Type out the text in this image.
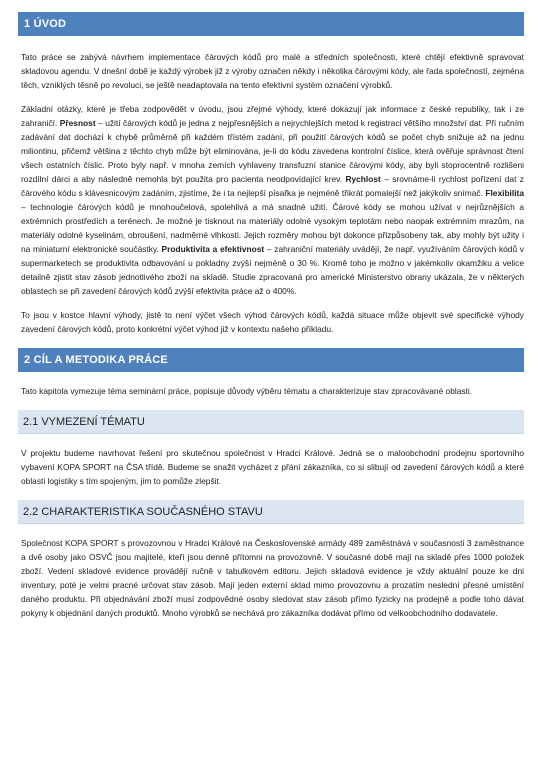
1 ÚVOD

Tato práce se zabývá návrhem implementace čárových kódů pro malé a středních společnosti, které chtějí efektivně spravovat skladovou agendu. V dnešní době je každý výrobek již z výroby označen někdy i několika čárovými kódy, ale řada společností, zejména těch, vzniklých těsně po revoluci, se ještě neadaptovala na tento efektivní systém označení výrobků.

Základní otázky, které je třeba zodpovědět v úvodu, jsou zřejmé výhody, které dokazují jak informace z české republiky, tak i ze zahraničí. Přesnost – užití čárových kódů je jedna z nejpřesnějších a nejrychlejších metod k registraci většího množství dat. Při ručním zadávání dat dochází k chybě průměrně při každém třístém zadání, při použití čárových kódů se počet chyb snižuje až na jednu miliontinu, přičemž většina z těchto chyb může být eliminována, je-li do kódu zavedena kontrolní číslice, která ověřuje správnost čtení všech ostatních číslic. Proto byly např. v mnoha zemích vyhlaveny transfuzní stanice čárovými kódy, aby byli stoprocentně rozlišeni rozdílní dárci a aby následně nemohla být použita pro pacienta neodpovídající krev. Rychlost – srovnáme-li rychlost pořízení dat z čárového kódu s klávesnicovým zadáním, zjistíme, že i ta nejlepší písařka je nejméně třikrát pomalejší než jakýkoliv snímač. Flexibilita – technologie čárových kódů je mnohoučelová, spolehlivá a má snadné užití. Čárové kódy se mohou užívat v nejrůznějších a extrémních prostředích a terénech. Je možné je tisknout na materiály odolné vysokým teplotám nebo naopak extrémním mrazům, na materiály odolné kyselinám, obroušení, nadměrné vlhkosti. Jejich rozměry mohou být dokonce přizpůsobeny tak, aby mohly být užity i na miniaturní elektronické součástky. Produktivita a efektivnost – zahraniční materiály uvádějí, že např. využíváním čárových kódů v supermarketech se produktivita odbavování u pokladny zvýší nejméně o 30 %. Kromě toho je možno v jakémkoliv okamžiku a velice detailně zjistit stav zásob jednotlivého zboží na skladě. Studie zpracovaná pro americké Ministerstvo obrany ukázala, že v některých oblastech se při zavedení čárových kódů zvýší efektivita práce až o 400%.

To jsou v kostce hlavní výhody, jistě to není výčet všech výhod čárových kódů, každá situace může objevit své specifické výhody zavedení čárových kódů, proto konkrétní výčet výhod již v kontextu našeho příkladu.

2 CÍL A METODIKA PRÁCE

Tato kapitola vymezuje téma seminární práce, popisuje důvody výběru tématu a charakterizuje stav zpracovávané oblasti.

2.1 VYMEZENÍ TÉMATU

V projektu budeme navrhovat řešení pro skutečnou společnost v Hradci Králové. Jedná se o maloobchodní prodejnu sportovního vybavení KOPA SPORT na ČSA třídě. Budeme se snažit vycházet z přání zákazníka, co si slibují od zavedení čárových kódů a které oblasti logistiky s tím spojeným, jim to pomůže zlepšit.

2.2 CHARAKTERISTIKA SOUČASNÉHO STAVU

Společnost KOPA SPORT s provozovnou v Hradci Králové na Československé armády 489 zaměstnává v současnosti 3 zaměstnance a dvě osoby jako OSVČ jsou majitelé, kteří jsou denně přítomni na provozovně. V současné době mají na skladě přes 1000 položek zboží. Vedení skladové evidence provádějí ručně v tabulkovém editoru. Jejich skladová evidence je vždy aktuální pouze ke dni inventury, poté je velmi pracné určovat stav zásob. Mají jeden externí sklad mimo provozovnu a prozatím neslední přesné umístění daného produktu. Při objednávání zboží musí zodpovědné osoby sledovat stav zásob přímo fyzicky na prodejně a podle toho dávat pokyny k objednání daných produktů. Mnoho výrobků se nechává pro zákazníka dodávat přímo od velkoobchodního dodavatele.
